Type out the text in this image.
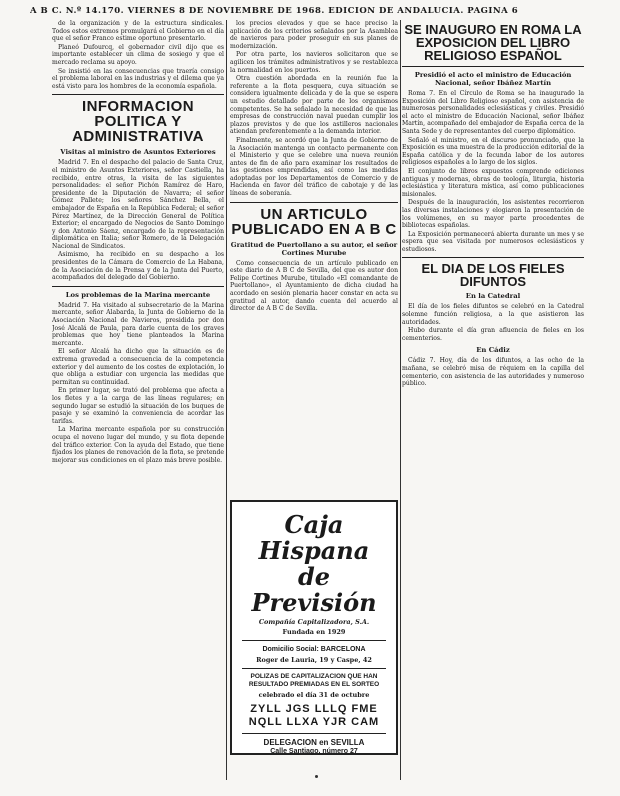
A B C. N.º 14.170. VIERNES 8 DE NOVIEMBRE DE 1968. EDICION DE ANDALUCIA. PAGINA 6

de la organización y de la estructura sindicales. Todos estos extremos promulgará el Gobierno en el día que el señor Franco estime oportuno presentarlo.

Planeó Dufourcq, el gobernador civil dijo que es importante establecer un clima de sosiego y que el mercado reclama su apoyo.

Se insistió en las consecuencias que traería consigo el problema laboral en las industrias y el dilema que ya está visto para los hombres de la economía española.

INFORMACION POLITICA Y ADMINISTRATIVA
Visitas al ministro de Asuntos Exteriores

Madrid 7. En el despacho del palacio de Santa Cruz, el ministro de Asuntos Exteriores, señor Castiella, ha recibido, entre otras, la visita de las siguientes personalidades: el señor Pichón Ramírez de Haro, presidente de la Diputación de Navarra; el señor Gómez Pallete; los señores Sánchez Bella, el embajador de España en la República Federal; el señor Pérez Martínez, de la Dirección General de Política Exterior; el encargado de Negocios de Santo Domingo y don Antonio Sáenz, encargado de la representación diplomática en Italia; señor Romero, de la Delegación Nacional de Sindicatos.

Asimismo, ha recibido en su despacho a los presidentes de la Cámara de Comercio de La Habana, de la Asociación de la Prensa y de la Junta del Puerto, acompañados del delegado del Gobierno.

Los problemas de la Marina mercante

Madrid 7. Ha visitado al subsecretario de la Marina mercante, señor Alabarda, la Junta de Gobierno de la Asociación Nacional de Navieros, presidida por don José Alcalá de Paula, para darle cuenta de los graves problemas que hoy tiene planteados la Marina mercante.

El señor Alcalá ha dicho que la situación es de extrema gravedad a consecuencia de la competencia exterior y del aumento de los costes de explotación, lo que obliga a estudiar con urgencia las medidas que permitan su continuidad.

En primer lugar, se trató del problema que afecta a los fletes y a la carga de las líneas regulares; en segundo lugar se estudió la situación de los buques de pasaje y se examinó la conveniencia de acordar las tarifas.

La Marina mercante española por su construcción ocupa el noveno lugar del mundo, y su flota depende del tráfico exterior. Con la ayuda del Estado, que tiene fijados los planes de renovación de la flota, se pretende mejorar sus condiciones en el plazo más breve posible.

los precios elevados y que se hace preciso la aplicación de los criterios señalados por la Asamblea de navieros para poder proseguir en sus planes de modernización.

Por otra parte, los navieros solicitaron que se agilicen los trámites administrativos y se restablezca la normalidad en los puertos.

Otra cuestión abordada en la reunión fue la referente a la flota pesquera, cuya situación se considera igualmente delicada y de la que se espera un estudio detallado por parte de los organismos competentes. Se ha señalado la necesidad de que las empresas de construcción naval puedan cumplir los plazos previstos y de que los astilleros nacionales atiendan preferentemente a la demanda interior.

Finalmente, se acordó que la Junta de Gobierno de la Asociación mantenga un contacto permanente con el Ministerio y que se celebre una nueva reunión antes de fin de año para examinar los resultados de las gestiones emprendidas, así como las medidas adoptadas por los Departamentos de Comercio y de Hacienda en favor del tráfico de cabotaje y de las líneas de soberanía.

UN ARTICULO PUBLICADO EN A B C
Gratitud de Puertollano a su autor, el señor Cortines Murube

Como consecuencia de un artículo publicado en este diario de A B C de Sevilla, del que es autor don Felipe Cortines Murube, titulado «El comandante de Puertollano», el Ayuntamiento de dicha ciudad ha acordado en sesión plenaria hacer constar en acta su gratitud al autor, dando cuenta del acuerdo al director de A B C de Sevilla.

Caja Hispana
de Previsión
Compañía Capitalizadora, S.A.
Fundada en 1929
Domicilio Social: BARCELONA
Roger de Lauria, 19 y Caspe, 42
POLIZAS DE CAPITALIZACION QUE HAN
RESULTADO PREMIADAS EN EL SORTEO
celebrado el día 31 de octubre
ZYLL JGS LLLQ FME
NQLL LLXA YJR CAM
DELEGACION en SEVILLA
Calle Santiago, número 27
SE INAUGURO EN ROMA LA EXPOSICION DEL LIBRO RELIGIOSO ESPAÑOL
Presidió el acto el ministro de Educación Nacional, señor Ibáñez Martín

Roma 7. En el Círculo de Roma se ha inaugurado la Exposición del Libro Religioso español, con asistencia de numerosas personalidades eclesiásticas y civiles. Presidió el acto el ministro de Educación Nacional, señor Ibáñez Martín, acompañado del embajador de España cerca de la Santa Sede y de representantes del cuerpo diplomático.

Señaló el ministro, en el discurso pronunciado, que la Exposición es una muestra de la producción editorial de la España católica y de la fecunda labor de los autores religiosos españoles a lo largo de los siglos.

El conjunto de libros expuestos comprende ediciones antiguas y modernas, obras de teología, liturgia, historia eclesiástica y literatura mística, así como publicaciones misionales.

Después de la inauguración, los asistentes recorrieron las diversas instalaciones y elogiaron la presentación de los volúmenes, en su mayor parte procedentes de bibliotecas españolas.

La Exposición permanecerá abierta durante un mes y se espera que sea visitada por numerosos eclesiásticos y estudiosos.

EL DIA DE LOS FIELES DIFUNTOS
En la Catedral

El día de los fieles difuntos se celebró en la Catedral solemne función religiosa, a la que asistieron las autoridades.

Hubo durante el día gran afluencia de fieles en los cementerios.

En Cádiz

Cádiz 7. Hoy, día de los difuntos, a las ocho de la mañana, se celebró misa de réquiem en la capilla del cementerio, con asistencia de las autoridades y numeroso público.
